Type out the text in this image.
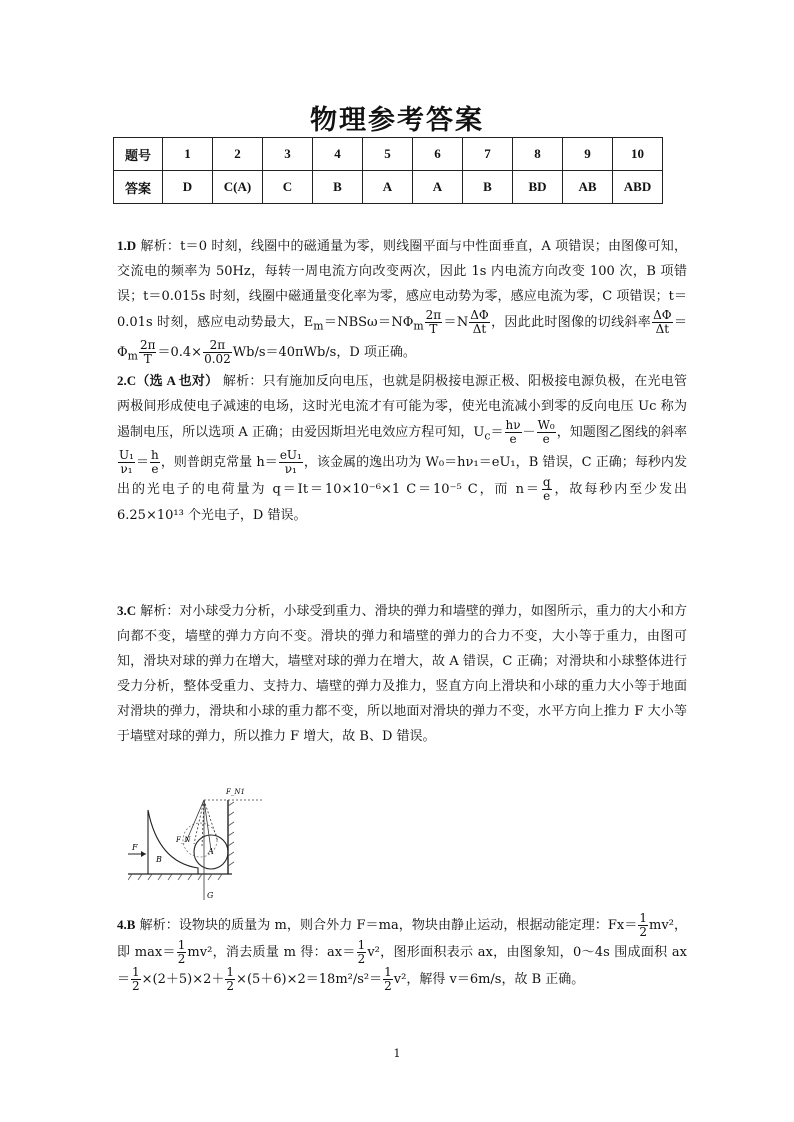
物理参考答案
题号	1	2	3	4	5	6	7	8	9	10
答案	D	C(A)	C	B	A	A	B	BD	AB	ABD
1.D 解析：t＝0 时刻，线圈中的磁通量为零，则线圈平面与中性面垂直，A 项错误；由图像可知，交流电的频率为 50Hz，每转一周电流方向改变两次，因此 1s 内电流方向改变 100 次，B 项错误；t＝0.015s 时刻，线圈中磁通量变化率为零，感应电动势为零，感应电流为零，C 项错误；t＝0.01s 时刻，感应电动势最大，$E_m=NBS\omega=N\Phi_m \frac{2\pi}{T} =N \frac{\Delta\Phi}{\Delta t}$ ，因此此时图像的切线斜率 $\frac{\Delta\Phi}{\Delta t} =\Phi_m \frac{2\pi}{T} =0.4\times \frac{2\pi}{0.02} Wb/s=40\pi Wb/s$，D 项正确。
2.C（选 A 也对） 解析：只有施加反向电压，也就是阴极接电源正极、阳极接电源负极，在光电管两极间形成使电子减速的电场，这时光电流才有可能为零，使光电流减小到零的反向电压 Uc 称为遏制电压，所以选项 A 正确；由爱因斯坦光电效应方程可知，$U_c= \frac{h\nu}{e} - \frac{\text{W₀}}{e}$ ，知题图乙图线的斜率
$\frac{\text{U₁}}{\text{ν₁}} = \frac{h}{e}$ ，则普朗克常量 $h= \frac{\text{eU₁}}{\text{ν₁}}$ ，该金属的逸出功为 W₀＝hν₁＝eU₁，B 错误，C 正确；每秒内发出的光电子的电荷量为 q＝It＝10×10⁻⁶×1 C＝10⁻⁵ C，而 $n= \frac{q}{e}$ ，故每秒内至少发出 6.25×10¹³ 个光电子，D 错误。
3.C 解析：对小球受力分析，小球受到重力、滑块的弹力和墙壁的弹力，如图所示，重力的大小和方向都不变，墙壁的弹力方向不变。滑块的弹力和墙壁的弹力的合力不变，大小等于重力，由图可知，滑块对球的弹力在增大，墙壁对球的弹力在增大，故 A 错误，C 正确；对滑块和小球整体进行受力分析，整体受重力、支持力、墙壁的弹力及推力，竖直方向上滑块和小球的重力大小等于地面对滑块的弹力，滑块和小球的重力都不变，所以地面对滑块的弹力不变，水平方向上推力 F 大小等于墙壁对球的弹力，所以推力 F 增大，故 B、D 错误。
F
B
A
F_N
F_N1
G
4.B 解析：设物块的质量为 m，则合外力 F＝ma，物块由静止运动，根据动能定理：$Fx= \frac{1}{2} mv^2$，即 $\max= \frac{1}{2} mv^2$，消去质量 m 得：$ax= \frac{1}{2} v^2$，图形面积表示 ax，由图象知，0～4s 围成面积 $ax= \frac{1}{2} \times(2+5)\times 2+ \frac{1}{2} \times(5+6)\times 2=18m^2/s^2= \frac{1}{2} v^2$，解得 v＝6m/s，故 B 正确。
1
